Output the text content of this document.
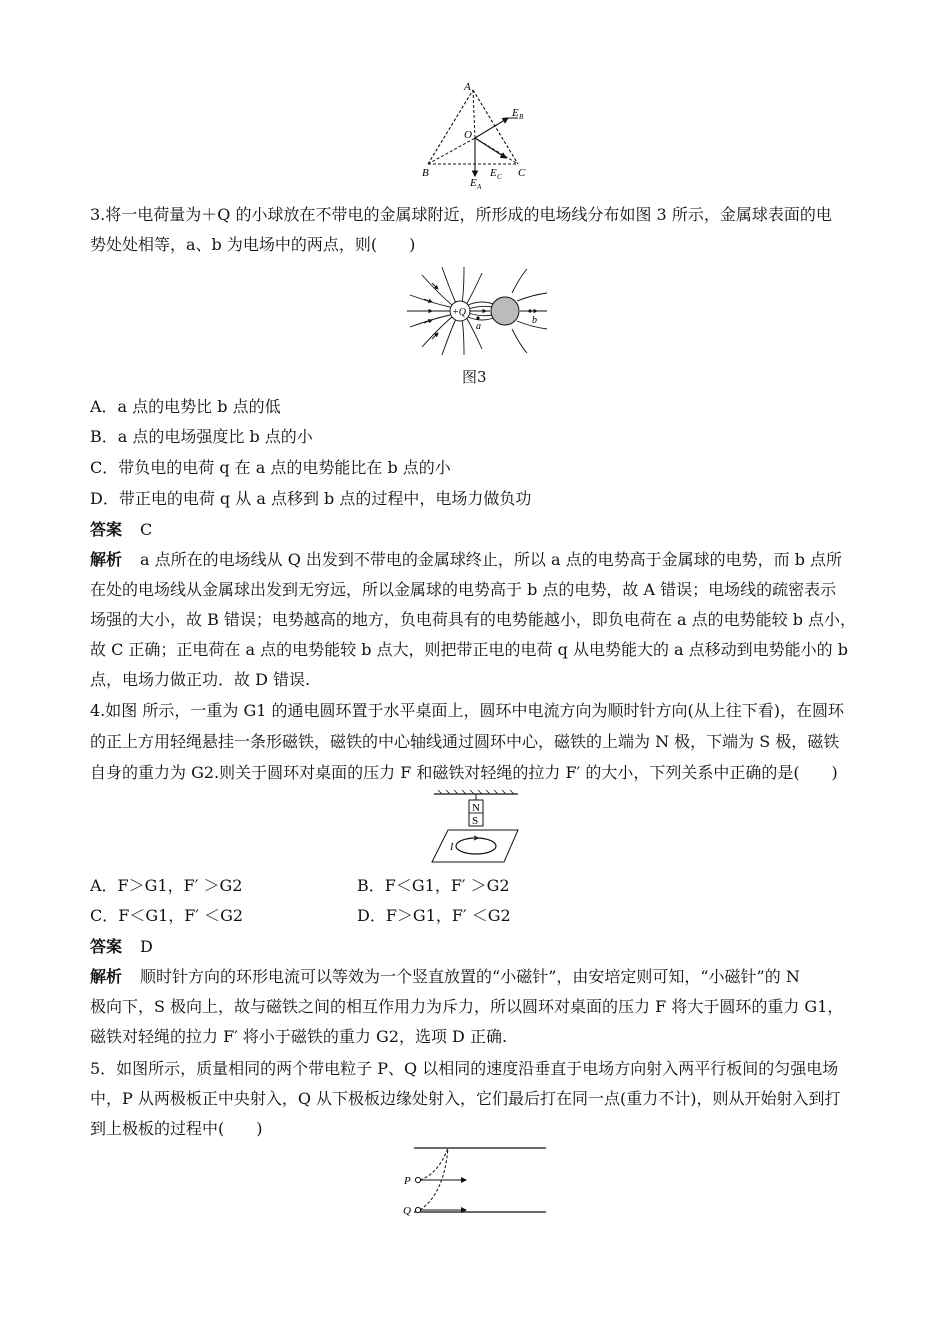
A
B	C
O
E B
E A
E C
3.将一电荷量为＋Q 的小球放在不带电的金属球附近，所形成的电场线分布如图 3 所示，金属球表面的电
势处处相等，a、b 为电场中的两点，则(　　)
+Q
a
b
图3
A．a 点的电势比 b 点的低
B．a 点的电场强度比 b 点的小
C．带负电的电荷 q 在 a 点的电势能比在 b 点的小
D．带正电的电荷 q 从 a 点移到 b 点的过程中，电场力做负功
答案 C
解析 a 点所在的电场线从 Q 出发到不带电的金属球终止，所以 a 点的电势高于金属球的电势，而 b 点所
在处的电场线从金属球出发到无穷远，所以金属球的电势高于 b 点的电势，故 A 错误；电场线的疏密表示
场强的大小，故 B 错误；电势越高的地方，负电荷具有的电势能越小，即负电荷在 a 点的电势能较 b 点小，
故 C 正确；正电荷在 a 点的电势能较 b 点大，则把带正电的电荷 q 从电势能大的 a 点移动到电势能小的 b
点，电场力做正功．故 D 错误.
4.如图 所示，一重为 G1 的通电圆环置于水平桌面上，圆环中电流方向为顺时针方向(从上往下看)，在圆环
的正上方用轻绳悬挂一条形磁铁，磁铁的中心轴线通过圆环中心，磁铁的上端为 N 极，下端为 S 极，磁铁
自身的重力为 G2.则关于圆环对桌面的压力 F 和磁铁对轻绳的拉力 F′ 的大小，下列关系中正确的是(　　)
N
S
I
A．F＞G1，F′ ＞G2	B．F＜G1，F′ ＞G2
C．F＜G1，F′ ＜G2	D．F＞G1，F′ ＜G2
答案 D
解析 顺时针方向的环形电流可以等效为一个竖直放置的“小磁针”，由安培定则可知，“小磁针”的 N
极向下，S 极向上，故与磁铁之间的相互作用力为斥力，所以圆环对桌面的压力 F 将大于圆环的重力 G1，
磁铁对轻绳的拉力 F′ 将小于磁铁的重力 G2，选项 D 正确.
5．如图所示，质量相同的两个带电粒子 P、Q 以相同的速度沿垂直于电场方向射入两平行板间的匀强电场
中，P 从两极板正中央射入，Q 从下极板边缘处射入，它们最后打在同一点(重力不计)，则从开始射入到打
到上极板的过程中(　　)
P
Q
